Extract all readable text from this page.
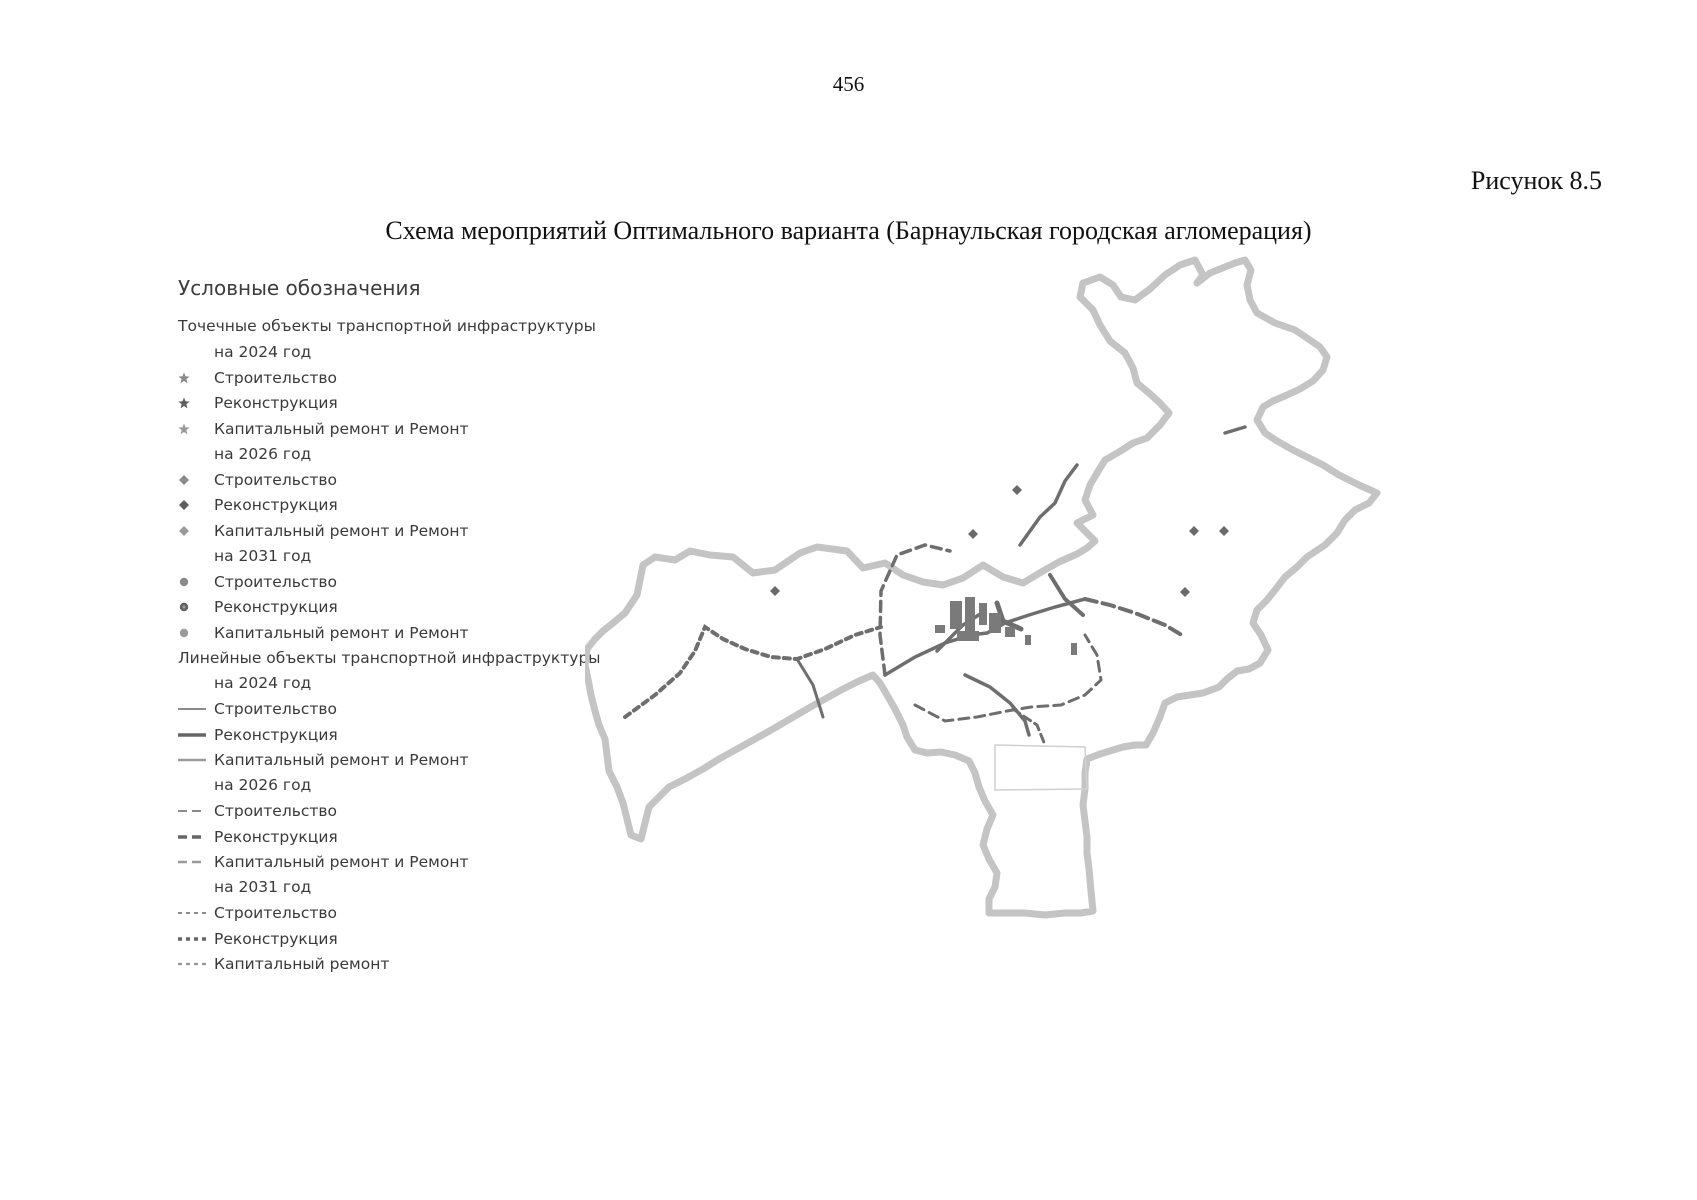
456
Рисунок 8.5
Схема мероприятий Оптимального варианта (Барнаульская городская агломерация)
Условные обозначения
Точечные объекты транспортной инфраструктуры
на 2024 год
Строительство
Реконструкция
Капитальный ремонт и Ремонт
на 2026 год
Строительство
Реконструкция
Капитальный ремонт и Ремонт
на 2031 год
Строительство
Реконструкция
Капитальный ремонт и Ремонт
Линейные объекты транспортной инфраструктуры
на 2024 год
Строительство
Реконструкция
Капитальный ремонт и Ремонт
на 2026 год
Строительство
Реконструкция
Капитальный ремонт и Ремонт
на 2031 год
Строительство
Реконструкция
Капитальный ремонт
